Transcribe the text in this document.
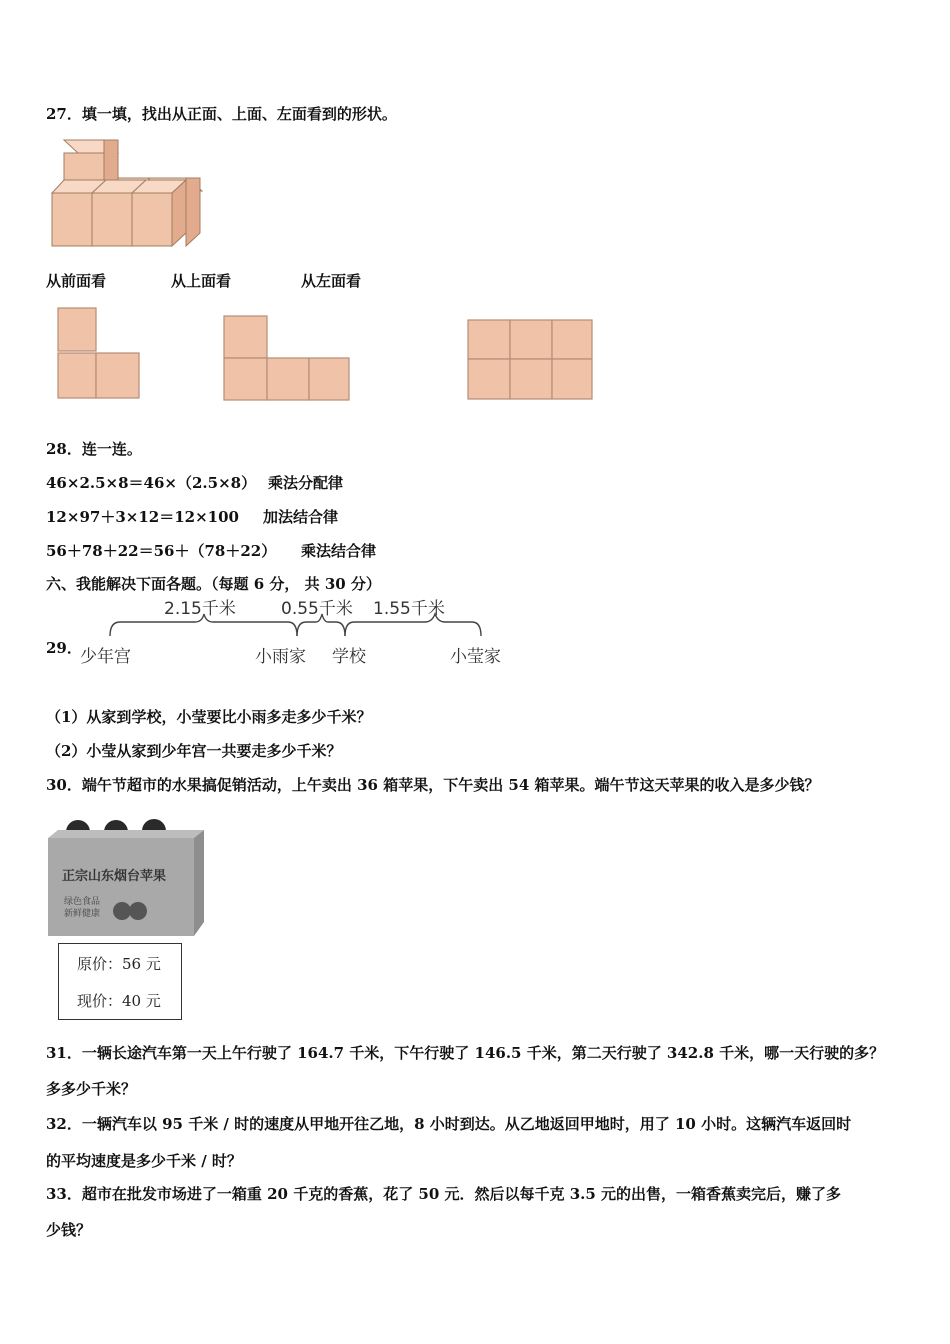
27．填一填，找出从正面、上面、左面看到的形状。
从前面看	从上面看	从左面看
28．连一连。
46×2.5×8＝46×（2.5×8） 乘法分配律
12×97＋3×12＝12×100 加法结合律
56＋78＋22＝56＋（78＋22） 乘法结合律
六、我能解决下面各题。（每题 6 分， 共 30 分）
29．
2.15千米	0.55千米 1.55千米
少年宫	小雨家 学校	小莹家
（1）从家到学校，小莹要比小雨多走多少千米？
（2）小莹从家到少年宫一共要走多少千米？
30．端午节超市的水果搞促销活动，上午卖出 36 箱苹果，下午卖出 54 箱苹果。端午节这天苹果的收入是多少钱？
正宗山东烟台苹果
绿色食品
新鲜健康
原价：56 元
现价：40 元
31．一辆长途汽车第一天上午行驶了 164.7 千米，下午行驶了 146.5 千米，第二天行驶了 342.8 千米，哪一天行驶的多？
多多少千米？
32．一辆汽车以 95 千米 / 时的速度从甲地开往乙地，8 小时到达。从乙地返回甲地时，用了 10 小时。这辆汽车返回时
的平均速度是多少千米 / 时？
33．超市在批发市场进了一箱重 20 千克的香蕉，花了 50 元．然后以每千克 3.5 元的出售，一箱香蕉卖完后，赚了多
少钱？
